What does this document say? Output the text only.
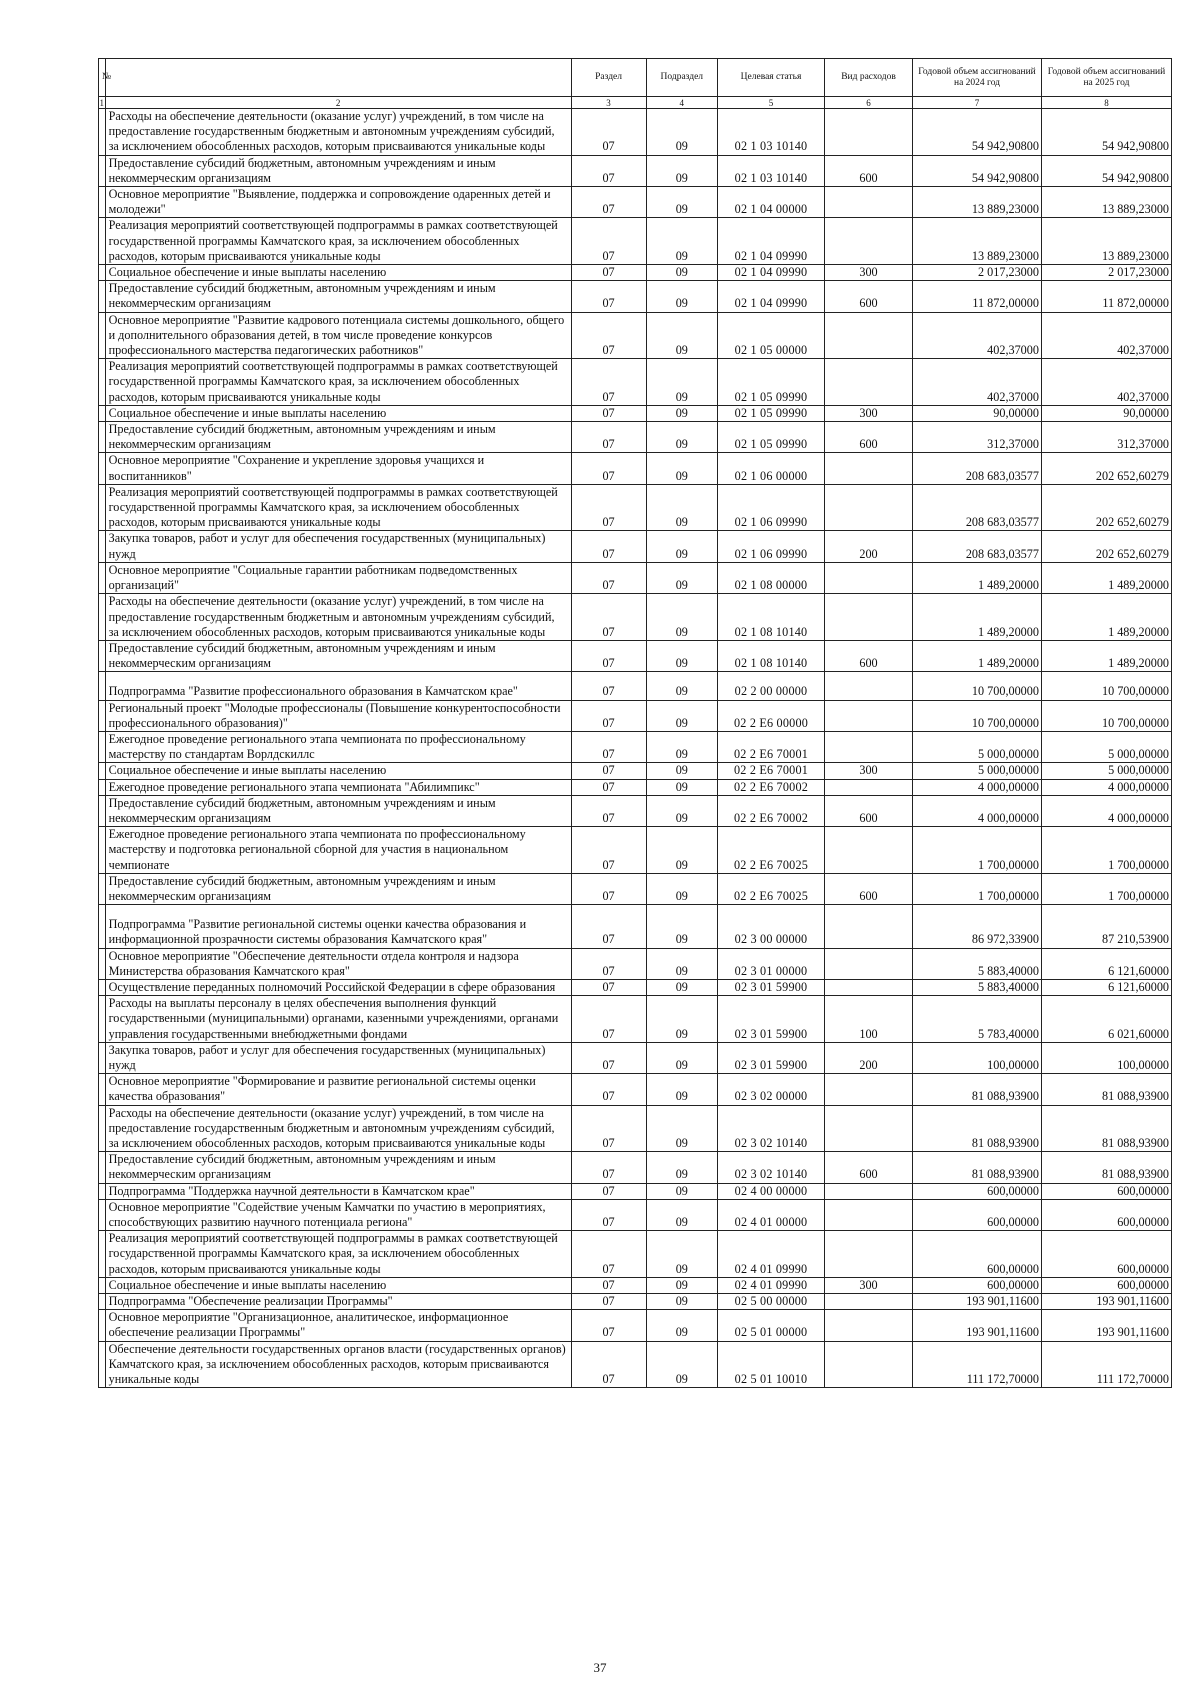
№		Раздел	Подраздел	Целевая статья	Вид расходов	Годовой объем ассигнований на 2024 год	Годовой объем ассигнований на 2025 год
1	2	3	4	5	6	7	8
	Расходы на обеспечение деятельности (оказание услуг) учреждений, в том числе на предоставление государственным бюджетным и автономным учреждениям субсидий, за исключением обособленных расходов, которым присваиваются уникальные коды	07	09	02 1 03 10140		54 942,90800	54 942,90800
	Предоставление субсидий бюджетным, автономным учреждениям и иным некоммерческим организациям	07	09	02 1 03 10140	600	54 942,90800	54 942,90800
	Основное мероприятие "Выявление, поддержка и сопровождение одаренных детей и молодежи"	07	09	02 1 04 00000		13 889,23000	13 889,23000
	Реализация мероприятий соответствующей подпрограммы в рамках соответствующей государственной программы Камчатского края, за исключением обособленных расходов, которым присваиваются уникальные коды	07	09	02 1 04 09990		13 889,23000	13 889,23000
	Социальное обеспечение и иные выплаты населению	07	09	02 1 04 09990	300	2 017,23000	2 017,23000
	Предоставление субсидий бюджетным, автономным учреждениям и иным некоммерческим организациям	07	09	02 1 04 09990	600	11 872,00000	11 872,00000
	Основное мероприятие "Развитие кадрового потенциала системы дошкольного, общего и дополнительного образования детей, в том числе проведение конкурсов профессионального мастерства педагогических работников"	07	09	02 1 05 00000		402,37000	402,37000
	Реализация мероприятий соответствующей подпрограммы в рамках соответствующей государственной программы Камчатского края, за исключением обособленных расходов, которым присваиваются уникальные коды	07	09	02 1 05 09990		402,37000	402,37000
	Социальное обеспечение и иные выплаты населению	07	09	02 1 05 09990	300	90,00000	90,00000
	Предоставление субсидий бюджетным, автономным учреждениям и иным некоммерческим организациям	07	09	02 1 05 09990	600	312,37000	312,37000
	Основное мероприятие "Сохранение и укрепление здоровья учащихся и воспитанников"	07	09	02 1 06 00000		208 683,03577	202 652,60279
	Реализация мероприятий соответствующей подпрограммы в рамках соответствующей государственной программы Камчатского края, за исключением обособленных расходов, которым присваиваются уникальные коды	07	09	02 1 06 09990		208 683,03577	202 652,60279
	Закупка товаров, работ и услуг для обеспечения государственных (муниципальных) нужд	07	09	02 1 06 09990	200	208 683,03577	202 652,60279
	Основное мероприятие "Социальные гарантии работникам подведомственных организаций"	07	09	02 1 08 00000		1 489,20000	1 489,20000
	Расходы на обеспечение деятельности (оказание услуг) учреждений, в том числе на предоставление государственным бюджетным и автономным учреждениям субсидий, за исключением обособленных расходов, которым присваиваются уникальные коды	07	09	02 1 08 10140		1 489,20000	1 489,20000
	Предоставление субсидий бюджетным, автономным учреждениям и иным некоммерческим организациям	07	09	02 1 08 10140	600	1 489,20000	1 489,20000
	Подпрограмма "Развитие профессионального образования в Камчатском крае"	07	09	02 2 00 00000		10 700,00000	10 700,00000
	Региональный проект "Молодые профессионалы (Повышение конкурентоспособности профессионального образования)"	07	09	02 2 Е6 00000		10 700,00000	10 700,00000
	Ежегодное проведение регионального этапа чемпионата по профессиональному мастерству по стандартам Ворлдскиллс	07	09	02 2 Е6 70001		5 000,00000	5 000,00000
	Социальное обеспечение и иные выплаты населению	07	09	02 2 Е6 70001	300	5 000,00000	5 000,00000
	Ежегодное проведение регионального этапа чемпионата "Абилимпикс"	07	09	02 2 Е6 70002		4 000,00000	4 000,00000
	Предоставление субсидий бюджетным, автономным учреждениям и иным некоммерческим организациям	07	09	02 2 Е6 70002	600	4 000,00000	4 000,00000
	Ежегодное проведение регионального этапа чемпионата по профессиональному мастерству и подготовка региональной сборной для участия в национальном чемпионате	07	09	02 2 Е6 70025		1 700,00000	1 700,00000
	Предоставление субсидий бюджетным, автономным учреждениям и иным некоммерческим организациям	07	09	02 2 Е6 70025	600	1 700,00000	1 700,00000
	Подпрограмма "Развитие региональной системы оценки качества образования и информационной прозрачности системы образования Камчатского края"	07	09	02 3 00 00000		86 972,33900	87 210,53900
	Основное мероприятие "Обеспечение деятельности отдела контроля и надзора Министерства образования Камчатского края"	07	09	02 3 01 00000		5 883,40000	6 121,60000
	Осуществление переданных полномочий Российской Федерации в сфере образования	07	09	02 3 01 59900		5 883,40000	6 121,60000
	Расходы на выплаты персоналу в целях обеспечения выполнения функций государственными (муниципальными) органами, казенными учреждениями, органами управления государственными внебюджетными фондами	07	09	02 3 01 59900	100	5 783,40000	6 021,60000
	Закупка товаров, работ и услуг для обеспечения государственных (муниципальных) нужд	07	09	02 3 01 59900	200	100,00000	100,00000
	Основное мероприятие "Формирование и развитие региональной системы оценки качества образования"	07	09	02 3 02 00000		81 088,93900	81 088,93900
	Расходы на обеспечение деятельности (оказание услуг) учреждений, в том числе на предоставление государственным бюджетным и автономным учреждениям субсидий, за исключением обособленных расходов, которым присваиваются уникальные коды	07	09	02 3 02 10140		81 088,93900	81 088,93900
	Предоставление субсидий бюджетным, автономным учреждениям и иным некоммерческим организациям	07	09	02 3 02 10140	600	81 088,93900	81 088,93900
	Подпрограмма "Поддержка научной деятельности в Камчатском крае"	07	09	02 4 00 00000		600,00000	600,00000
	Основное мероприятие "Содействие ученым Камчатки по участию в мероприятиях, способствующих развитию научного потенциала региона"	07	09	02 4 01 00000		600,00000	600,00000
	Реализация мероприятий соответствующей подпрограммы в рамках соответствующей государственной программы Камчатского края, за исключением обособленных расходов, которым присваиваются уникальные коды	07	09	02 4 01 09990		600,00000	600,00000
	Социальное обеспечение и иные выплаты населению	07	09	02 4 01 09990	300	600,00000	600,00000
	Подпрограмма "Обеспечение реализации Программы"	07	09	02 5 00 00000		193 901,11600	193 901,11600
	Основное мероприятие "Организационное, аналитическое, информационное обеспечение реализации Программы"	07	09	02 5 01 00000		193 901,11600	193 901,11600
	Обеспечение деятельности государственных органов власти (государственных органов) Камчатского края, за исключением обособленных расходов, которым присваиваются уникальные коды	07	09	02 5 01 10010		111 172,70000	111 172,70000
37
